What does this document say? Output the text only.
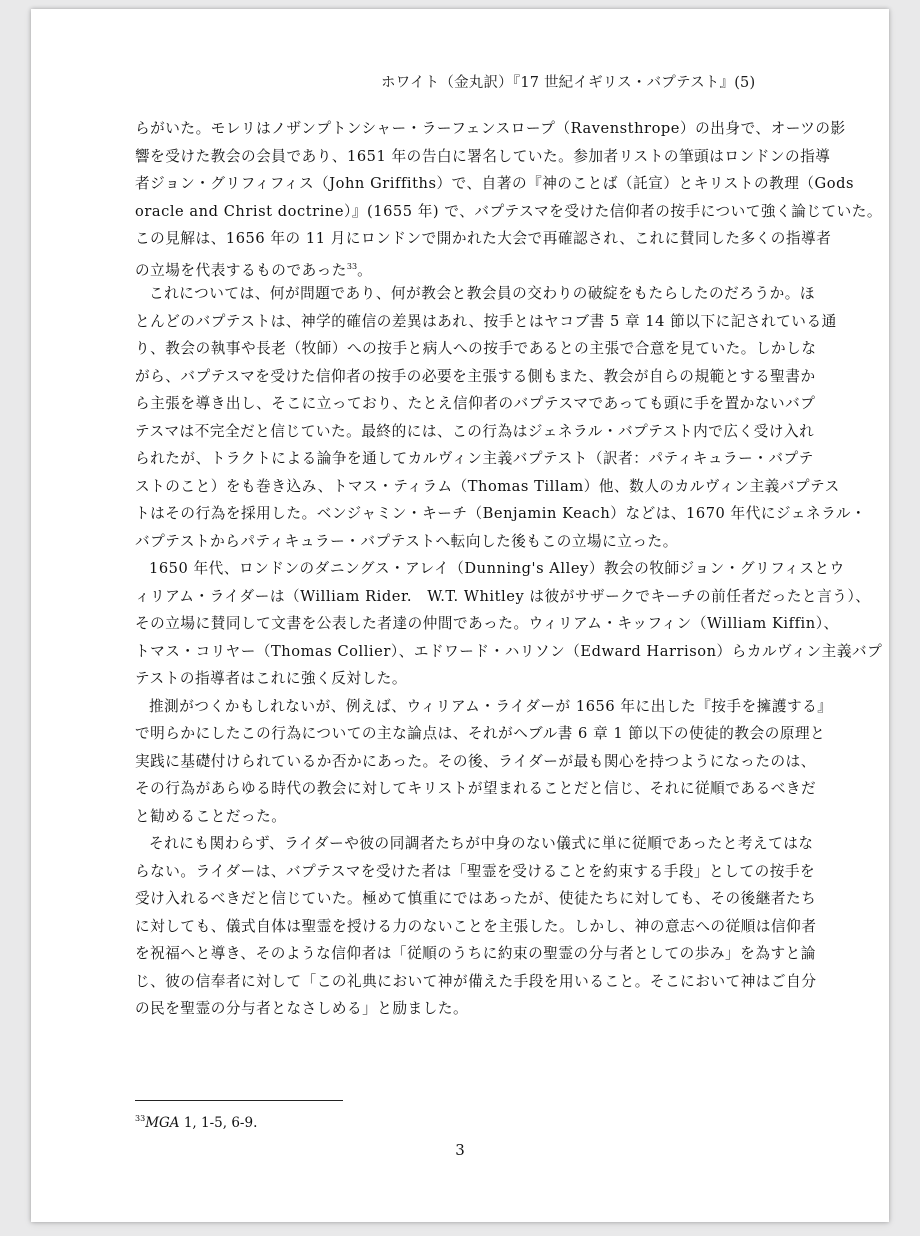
ホワイト（金丸訳）『17 世紀イギリス・バプテスト』(5)
らがいた。モレリはノザンプトンシャー・ラーフェンスロープ（Ravensthrope）の出身で、オーツの影
響を受けた教会の会員であり、1651 年の告白に署名していた。参加者リストの筆頭はロンドンの指導
者ジョン・グリフィフィス（John Griffiths）で、自著の『神のことば（託宣）とキリストの教理（Gods
oracle and Christ doctrine）』(1655 年) で、バプテスマを受けた信仰者の按手について強く論じていた。
この見解は、1656 年の 11 月にロンドンで開かれた大会で再確認され、これに賛同した多くの指導者
の立場を代表するものであった$^{33}$。
これについては、何が問題であり、何が教会と教会員の交わりの破綻をもたらしたのだろうか。ほ
とんどのバプテストは、神学的確信の差異はあれ、按手とはヤコブ書 5 章 14 節以下に記されている通
り、教会の執事や長老（牧師）への按手と病人への按手であるとの主張で合意を見ていた。しかしな
がら、バプテスマを受けた信仰者の按手の必要を主張する側もまた、教会が自らの規範とする聖書か
ら主張を導き出し、そこに立っており、たとえ信仰者のバプテスマであっても頭に手を置かないバプ
テスマは不完全だと信じていた。最終的には、この行為はジェネラル・バプテスト内で広く受け入れ
られたが、トラクトによる論争を通してカルヴィン主義バプテスト（訳者：パティキュラー・バプテ
ストのこと）をも巻き込み、トマス・ティラム（Thomas Tillam）他、数人のカルヴィン主義バプテス
トはその行為を採用した。ベンジャミン・キーチ（Benjamin Keach）などは、1670 年代にジェネラル・
バプテストからパティキュラー・バプテストへ転向した後もこの立場に立った。
1650 年代、ロンドンのダニングス・アレイ（Dunning's Alley）教会の牧師ジョン・グリフィスとウ
ィリアム・ライダーは（William Rider.　W.T. Whitley は彼がサザークでキーチの前任者だったと言う）、
その立場に賛同して文書を公表した者達の仲間であった。ウィリアム・キッフィン（William Kiffin）、
トマス・コリヤー（Thomas Collier）、エドワード・ハリソン（Edward Harrison）らカルヴィン主義バプ
テストの指導者はこれに強く反対した。
推測がつくかもしれないが、例えば、ウィリアム・ライダーが 1656 年に出した『按手を擁護する』
で明らかにしたこの行為についての主な論点は、それがヘブル書 6 章 1 節以下の使徒的教会の原理と
実践に基礎付けられているか否かにあった。その後、ライダーが最も関心を持つようになったのは、
その行為があらゆる時代の教会に対してキリストが望まれることだと信じ、それに従順であるべきだ
と勧めることだった。
それにも関わらず、ライダーや彼の同調者たちが中身のない儀式に単に従順であったと考えてはな
らない。ライダーは、バプテスマを受けた者は「聖霊を受けることを約束する手段」としての按手を
受け入れるべきだと信じていた。極めて慎重にではあったが、使徒たちに対しても、その後継者たち
に対しても、儀式自体は聖霊を授ける力のないことを主張した。しかし、神の意志への従順は信仰者
を祝福へと導き、そのような信仰者は「従順のうちに約束の聖霊の分与者としての歩み」を為すと論
じ、彼の信奉者に対して「この礼典において神が備えた手段を用いること。そこにおいて神はご自分
の民を聖霊の分与者となさしめる」と励ました。
$^{33}$MGA 1, 1-5, 6-9.
3
